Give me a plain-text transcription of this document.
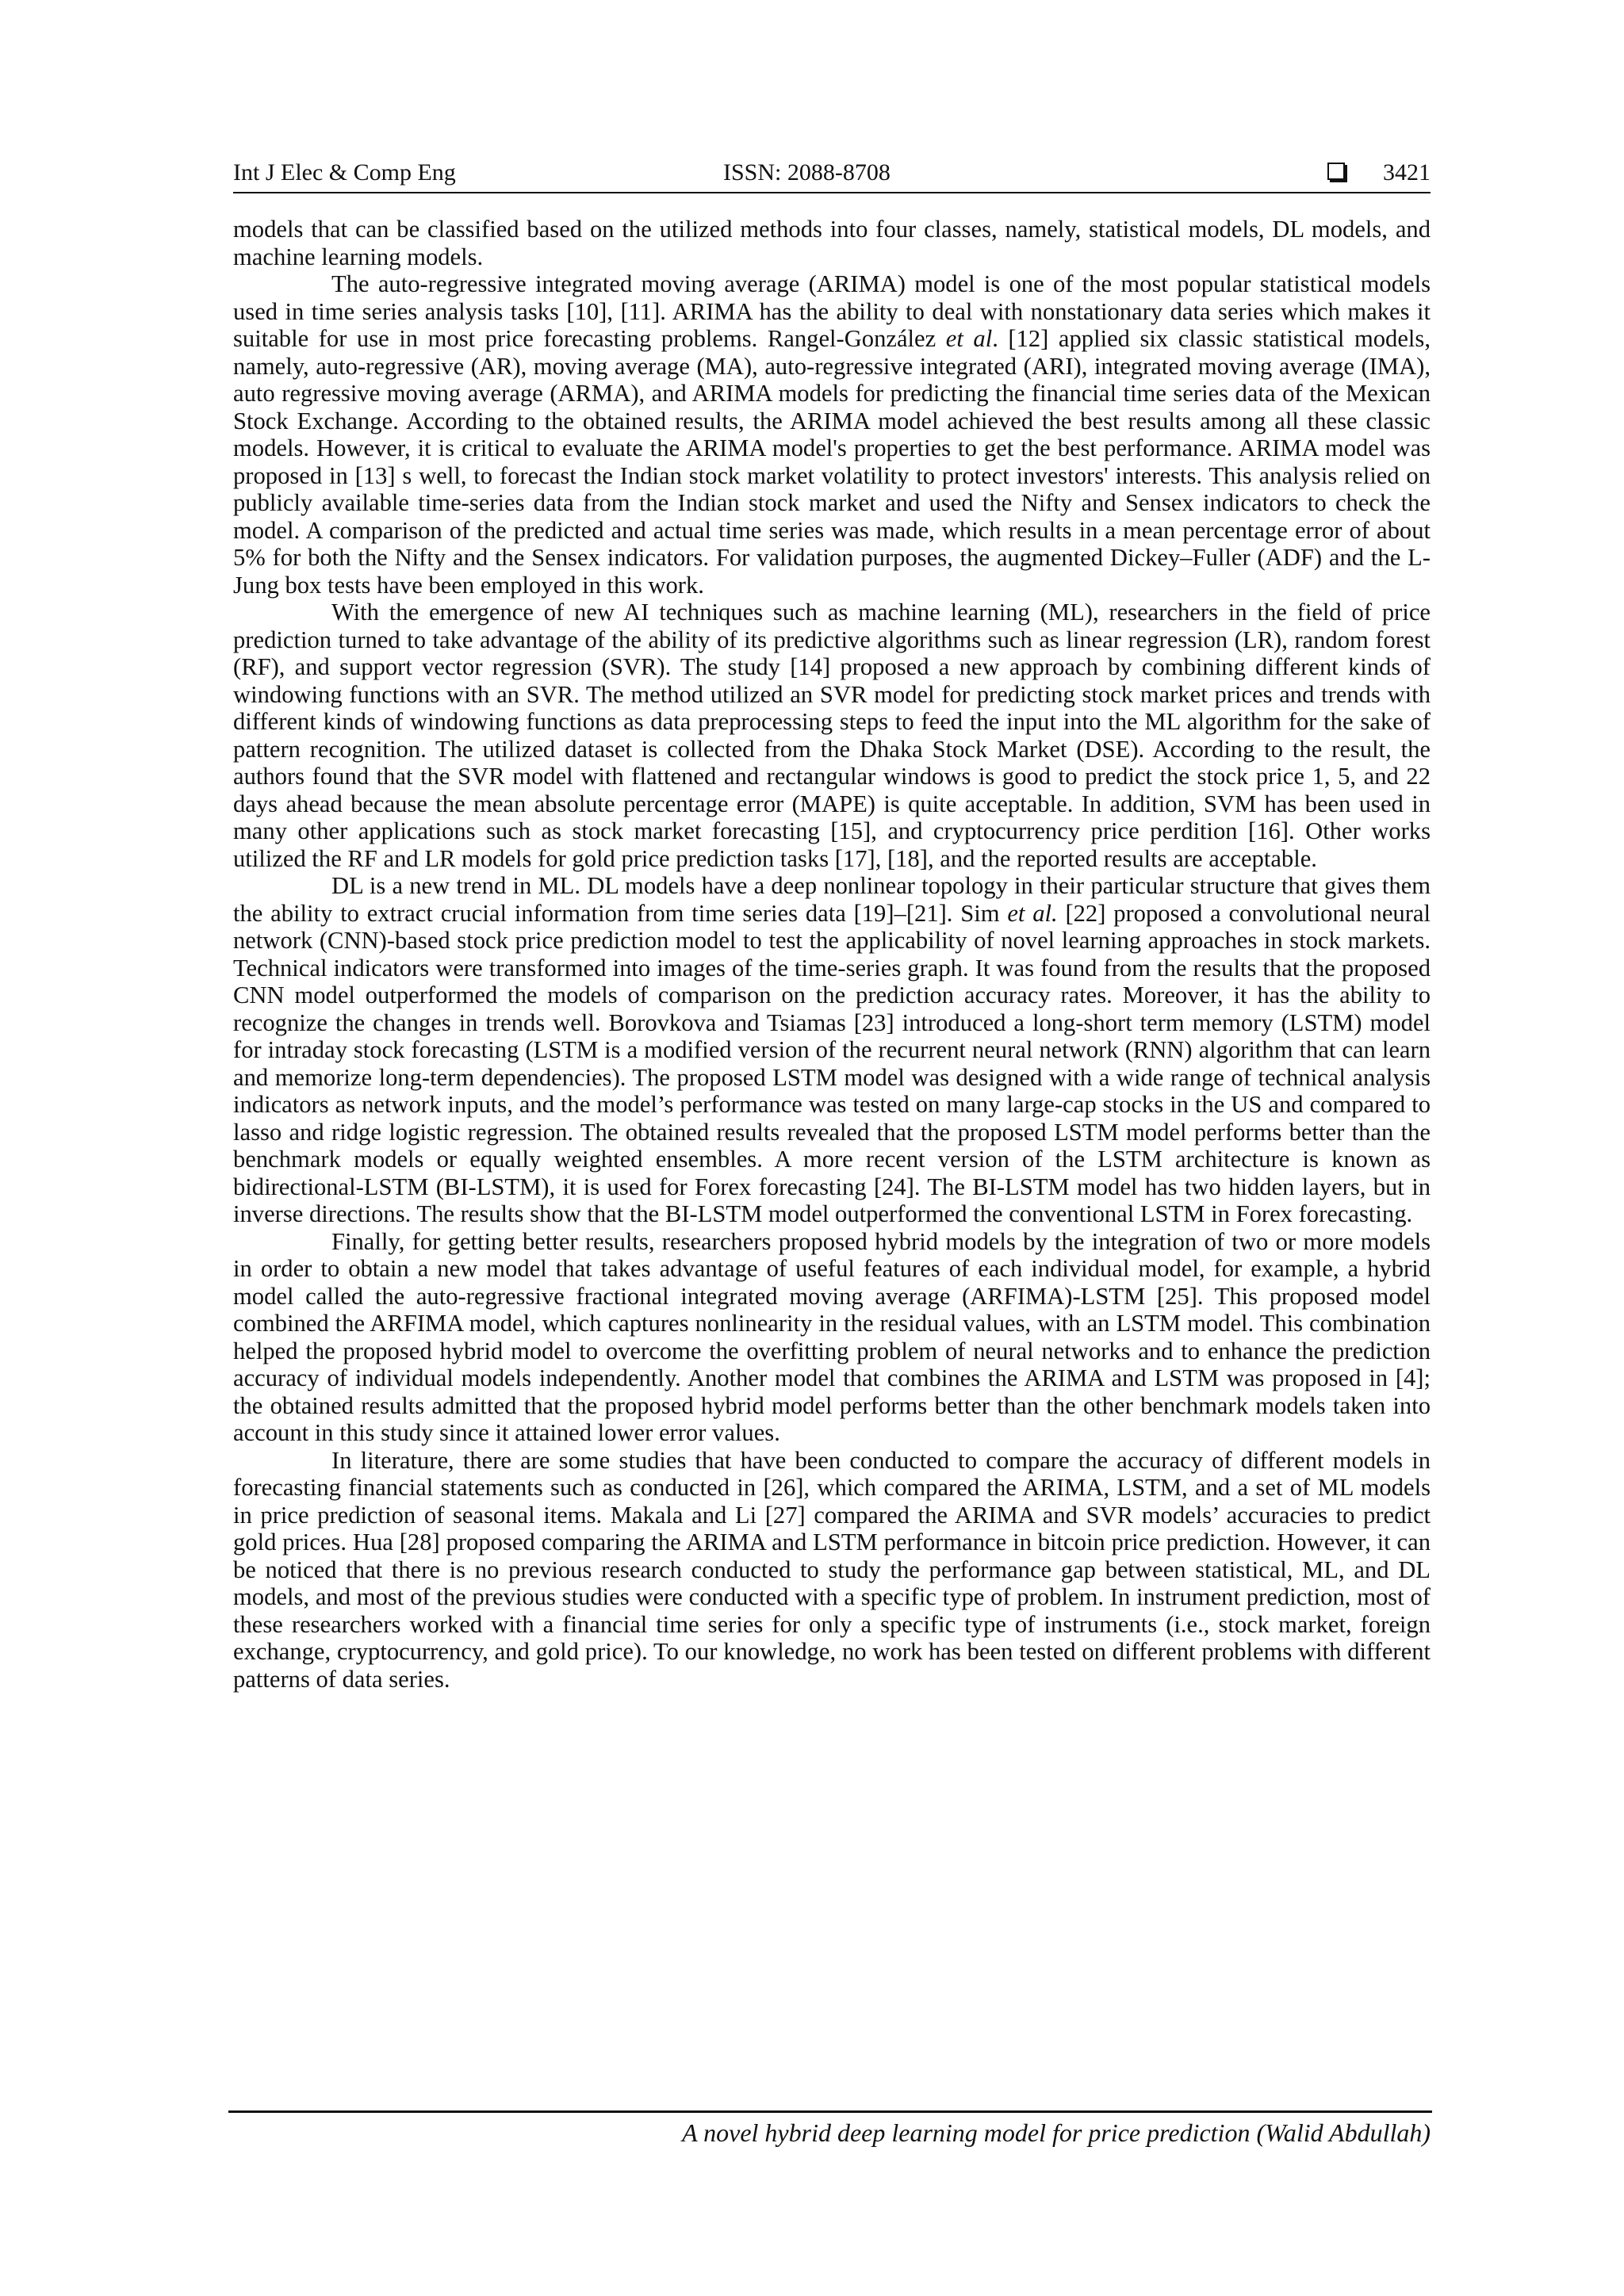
Int J Elec & Comp Eng	ISSN: 2088-8708	3421

models that can be classified based on the utilized methods into four classes, namely, statistical models, DL models, and machine learning models.

The auto-regressive integrated moving average (ARIMA) model is one of the most popular statistical models used in time series analysis tasks [10], [11]. ARIMA has the ability to deal with nonstationary data series which makes it suitable for use in most price forecasting problems. Rangel-González et al. [12] applied six classic statistical models, namely, auto-regressive (AR), moving average (MA), auto-regressive integrated (ARI), integrated moving average (IMA), auto regressive moving average (ARMA), and ARIMA models for predicting the financial time series data of the Mexican Stock Exchange. According to the obtained results, the ARIMA model achieved the best results among all these classic models. However, it is critical to evaluate the ARIMA model's properties to get the best performance. ARIMA model was proposed in [13] s well, to forecast the Indian stock market volatility to protect investors' interests. This analysis relied on publicly available time-series data from the Indian stock market and used the Nifty and Sensex indicators to check the model. A comparison of the predicted and actual time series was made, which results in a mean percentage error of about 5% for both the Nifty and the Sensex indicators. For validation purposes, the augmented Dickey–Fuller (ADF) and the L-Jung box tests have been employed in this work.

With the emergence of new AI techniques such as machine learning (ML), researchers in the field of price prediction turned to take advantage of the ability of its predictive algorithms such as linear regression (LR), random forest (RF), and support vector regression (SVR). The study [14] proposed a new approach by combining different kinds of windowing functions with an SVR. The method utilized an SVR model for predicting stock market prices and trends with different kinds of windowing functions as data preprocessing steps to feed the input into the ML algorithm for the sake of pattern recognition. The utilized dataset is collected from the Dhaka Stock Market (DSE). According to the result, the authors found that the SVR model with flattened and rectangular windows is good to predict the stock price 1, 5, and 22 days ahead because the mean absolute percentage error (MAPE) is quite acceptable. In addition, SVM has been used in many other applications such as stock market forecasting [15], and cryptocurrency price perdition [16]. Other works utilized the RF and LR models for gold price prediction tasks [17], [18], and the reported results are acceptable.

DL is a new trend in ML. DL models have a deep nonlinear topology in their particular structure that gives them the ability to extract crucial information from time series data [19]–[21]. Sim et al. [22] proposed a convolutional neural network (CNN)-based stock price prediction model to test the applicability of novel learning approaches in stock markets. Technical indicators were transformed into images of the time-series graph. It was found from the results that the proposed CNN model outperformed the models of comparison on the prediction accuracy rates. Moreover, it has the ability to recognize the changes in trends well. Borovkova and Tsiamas [23] introduced a long-short term memory (LSTM) model for intraday stock forecasting (LSTM is a modified version of the recurrent neural network (RNN) algorithm that can learn and memorize long-term dependencies). The proposed LSTM model was designed with a wide range of technical analysis indicators as network inputs, and the model’s performance was tested on many large-cap stocks in the US and compared to lasso and ridge logistic regression. The obtained results revealed that the proposed LSTM model performs better than the benchmark models or equally weighted ensembles. A more recent version of the LSTM architecture is known as bidirectional-LSTM (BI-LSTM), it is used for Forex forecasting [24]. The BI-LSTM model has two hidden layers, but in inverse directions. The results show that the BI-LSTM model outperformed the conventional LSTM in Forex forecasting.

Finally, for getting better results, researchers proposed hybrid models by the integration of two or more models in order to obtain a new model that takes advantage of useful features of each individual model, for example, a hybrid model called the auto-regressive fractional integrated moving average (ARFIMA)-LSTM [25]. This proposed model combined the ARFIMA model, which captures nonlinearity in the residual values, with an LSTM model. This combination helped the proposed hybrid model to overcome the overfitting problem of neural networks and to enhance the prediction accuracy of individual models independently. Another model that combines the ARIMA and LSTM was proposed in [4]; the obtained results admitted that the proposed hybrid model performs better than the other benchmark models taken into account in this study since it attained lower error values.

In literature, there are some studies that have been conducted to compare the accuracy of different models in forecasting financial statements such as conducted in [26], which compared the ARIMA, LSTM, and a set of ML models in price prediction of seasonal items. Makala and Li [27] compared the ARIMA and SVR models’ accuracies to predict gold prices. Hua [28] proposed comparing the ARIMA and LSTM performance in bitcoin price prediction. However, it can be noticed that there is no previous research conducted to study the performance gap between statistical, ML, and DL models, and most of the previous studies were conducted with a specific type of problem. In instrument prediction, most of these researchers worked with a financial time series for only a specific type of instruments (i.e., stock market, foreign exchange, cryptocurrency, and gold price). To our knowledge, no work has been tested on different problems with different patterns of data series.

A novel hybrid deep learning model for price prediction (Walid Abdullah)
